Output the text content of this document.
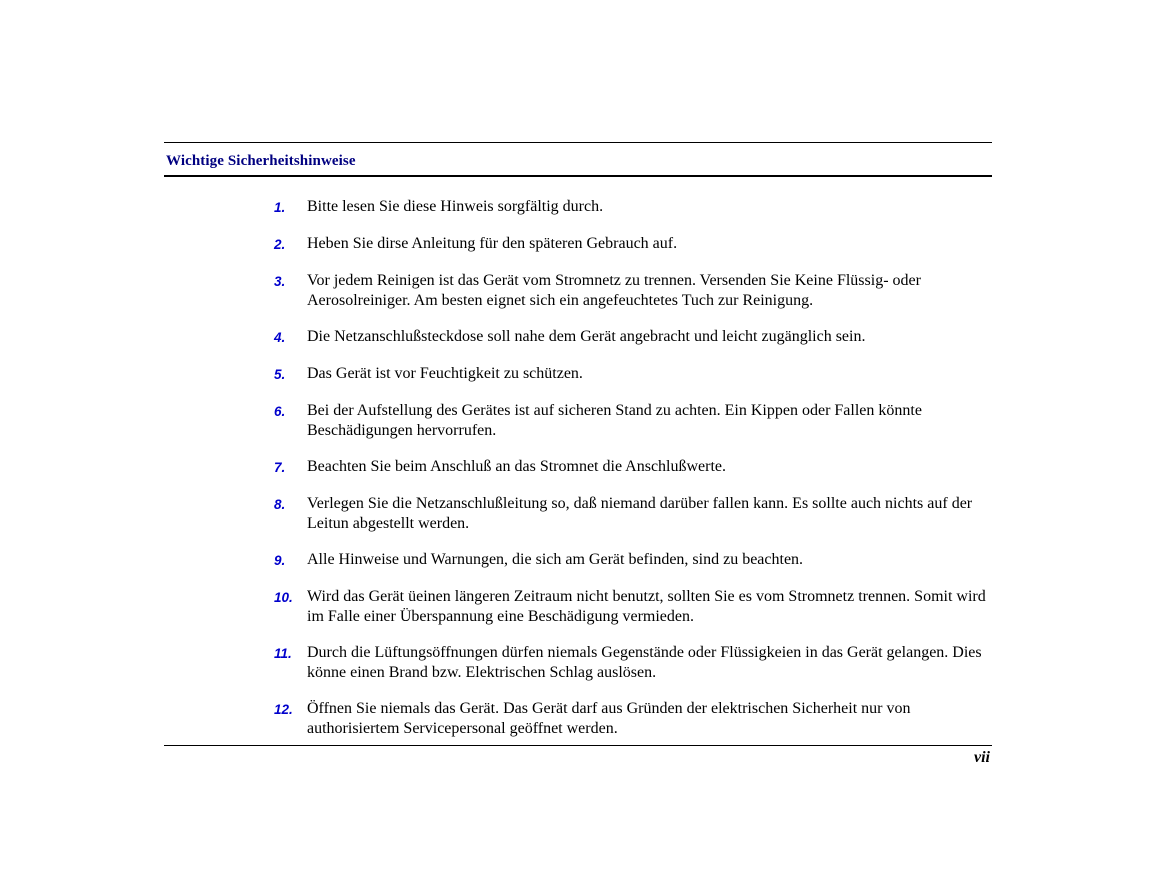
Wichtige Sicherheitshinweise
1.	Bitte lesen Sie diese Hinweis sorgfältig durch.
2.	Heben Sie dirse Anleitung für den späteren Gebrauch auf.
3.	Vor jedem Reinigen ist das Gerät vom Stromnetz zu trennen. Versenden Sie Keine Flüssig- oder Aerosolreiniger. Am besten eignet sich ein angefeuchtetes Tuch zur Reinigung.
4.	Die Netzanschlußsteckdose soll nahe dem Gerät angebracht und leicht zugänglich sein.
5.	Das Gerät ist vor Feuchtigkeit zu schützen.
6.	Bei der Aufstellung des Gerätes ist auf sicheren Stand zu achten. Ein Kippen oder Fallen könnte Beschädigungen hervorrufen.
7.	Beachten Sie beim Anschluß an das Stromnet die Anschlußwerte.
8.	Verlegen Sie die Netzanschlußleitung so, daß niemand darüber fallen kann. Es sollte auch nichts auf der Leitun abgestellt werden.
9.	Alle Hinweise und Warnungen, die sich am Gerät befinden, sind zu beachten.
10. Wird das Gerät üeinen längeren Zeitraum nicht benutzt, sollten Sie es vom Stromnetz trennen. Somit wird im Falle einer Überspannung eine Beschädigung vermieden.
11. Durch die Lüftungsöffnungen dürfen niemals Gegenstände oder Flüssigkeien in das Gerät gelangen. Dies könne einen Brand bzw. Elektrischen Schlag auslösen.
12. Öffnen Sie niemals das Gerät. Das Gerät darf aus Gründen der elektrischen Sicherheit nur von authorisiertem Servicepersonal geöffnet werden.

vii
